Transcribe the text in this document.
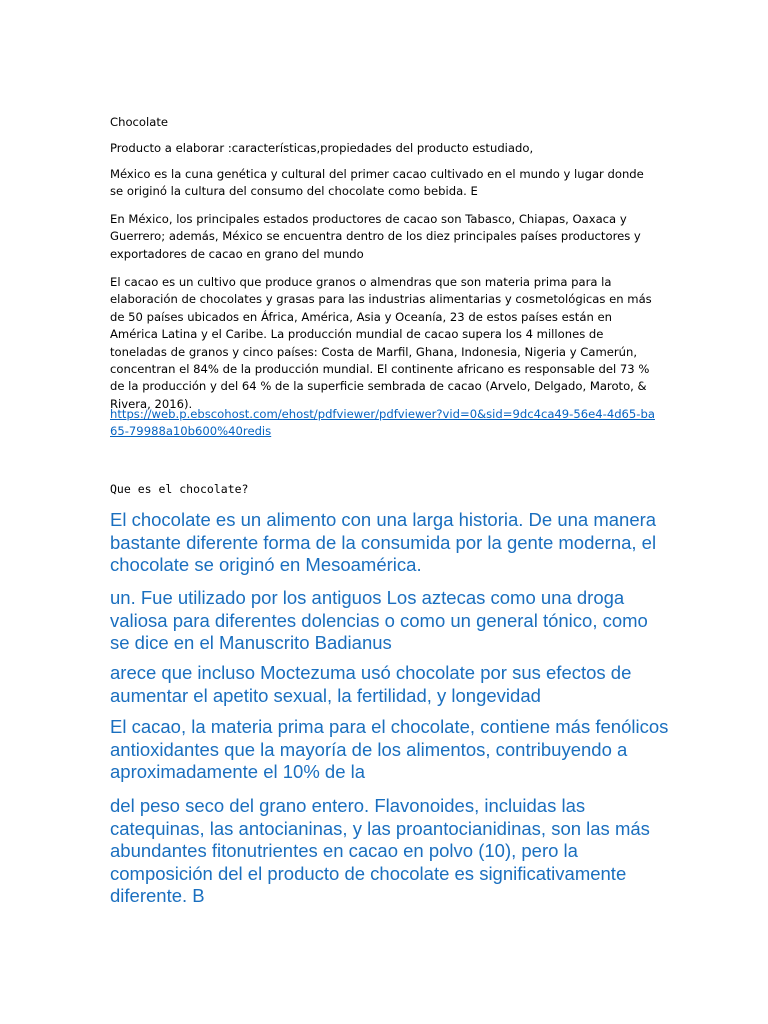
Chocolate

Producto a elaborar :características,propiedades del producto estudiado,

México es la cuna genética y cultural del primer cacao cultivado en el mundo y lugar donde se originó la cultura del consumo del chocolate como bebida. E

En México, los principales estados productores de cacao son Tabasco, Chiapas, Oaxaca y Guerrero; además, México se encuentra dentro de los diez principales países productores y exportadores de cacao en grano del mundo

El cacao es un cultivo que produce granos o almendras que son materia prima para la elaboración de chocolates y grasas para las industrias alimentarias y cosmetológicas en más de 50 países ubicados en África, América, Asia y Oceanía, 23 de estos países están en América Latina y el Caribe. La producción mundial de cacao supera los 4 millones de toneladas de granos y cinco países: Costa de Marfil, Ghana, Indonesia, Nigeria y Camerún, concentran el 84% de la producción mundial. El continente africano es responsable del 73 % de la producción y del 64 % de la superficie sembrada de cacao (Arvelo, Delgado, Maroto, & Rivera, 2016).

https://web.p.ebscohost.com/ehost/pdfviewer/pdfviewer?vid=0&sid=9dc4ca49-56e4-4d65-ba65-79988a10b600%40redis

Que es el chocolate?

El chocolate es un alimento con una larga historia. De una manera bastante diferente forma de la consumida por la gente moderna, el chocolate se originó en Mesoamérica.

un. Fue utilizado por los antiguos Los aztecas como una droga valiosa para diferentes dolencias o como un general tónico, como se dice en el Manuscrito Badianus

arece que incluso Moctezuma usó chocolate por sus efectos de aumentar el apetito sexual, la fertilidad, y longevidad

El cacao, la materia prima para el chocolate, contiene más fenólicos antioxidantes que la mayoría de los alimentos, contribuyendo a aproximadamente el 10% de la

del peso seco del grano entero. Flavonoides, incluidas las catequinas, las antocianinas, y las proantocianidinas, son las más abundantes fitonutrientes en cacao en polvo (10), pero la composición del el producto de chocolate es significativamente diferente. B
